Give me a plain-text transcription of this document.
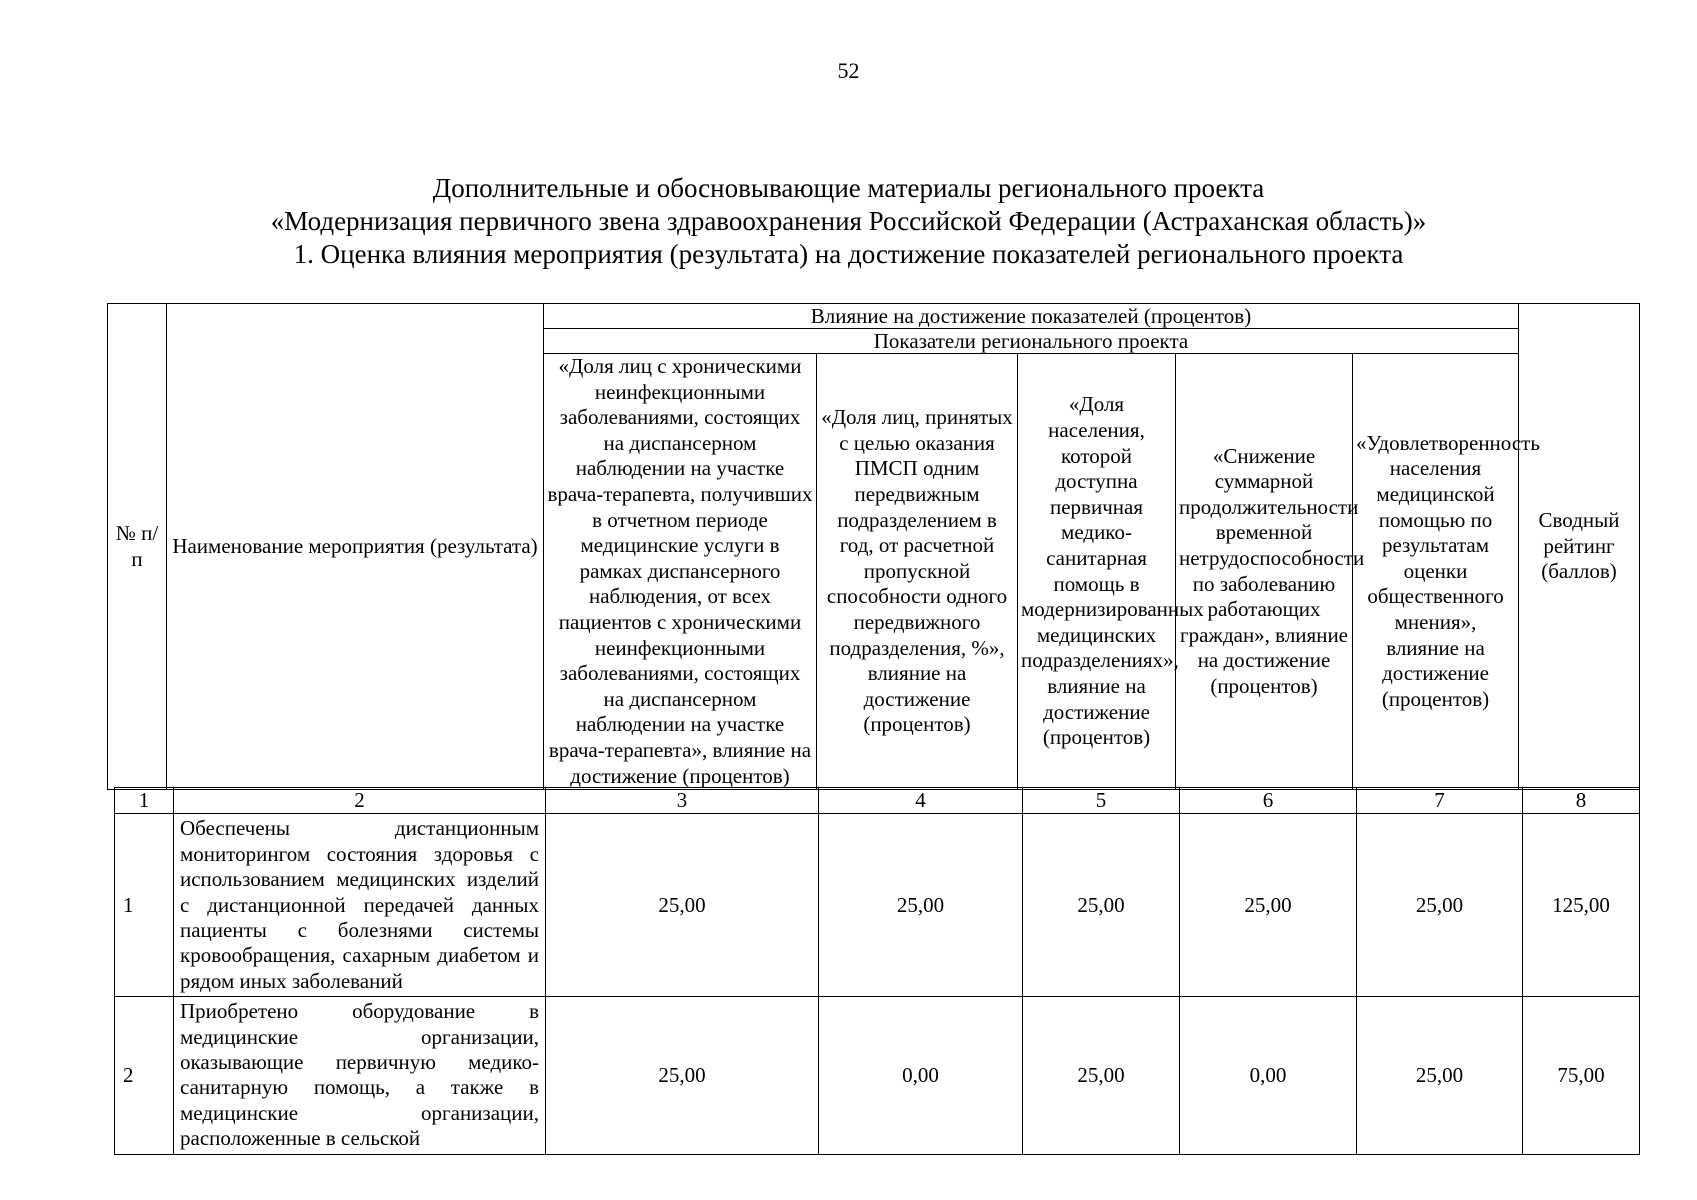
52
Дополнительные и обосновывающие материалы регионального проекта
«Модернизация первичного звена здравоохранения Российской Федерации (Астраханская область)»
1. Оценка влияния мероприятия (результата) на достижение показателей регионального проекта
№ п/п	Наименование мероприятия (результата)	Влияние на достижение показателей (процентов)					Сводный рейтинг (баллов)
		Показатели регионального проекта					
		«Доля лиц с хроническими неинфекционными заболеваниями, состоящих на диспансерном наблюдении на участке врача-терапевта, получивших в отчетном периоде медицинские услуги в рамках диспансерного наблюдения, от всех пациентов с хроническими неинфекционными заболеваниями, состоящих на диспансерном наблюдении на участке врача-терапевта», влияние на достижение (процентов)	«Доля лиц, принятых с целью оказания ПМСП одним передвижным подразделением в год, от расчетной пропускной способности одного передвижного подразделения, %», влияние на достижение (процентов)	«Доля населения, которой доступна первичная медико-санитарная помощь в модернизированных медицинских подразделениях», влияние на достижение (процентов)	«Снижение суммарной продолжительности временной нетрудоспособности по заболеванию работающих граждан», влияние на достижение (процентов)	«Удовлетворенность населения медицинской помощью по результатам оценки общественного мнения», влияние на достижение (процентов)	
1	2	3	4	5	6	7	8
1	Обеспечены дистанционным мониторингом состояния здоровья с использованием медицинских изделий с дистанционной передачей данных пациенты с болезнями системы кровообращения, сахарным диабетом и рядом иных заболеваний	25,00	25,00	25,00	25,00	25,00	125,00
2	Приобретено оборудование в медицинские организации, оказывающие первичную медико-санитарную помощь, а также в медицинские организации, расположенные в сельской	25,00	0,00	25,00	0,00	25,00	75,00
